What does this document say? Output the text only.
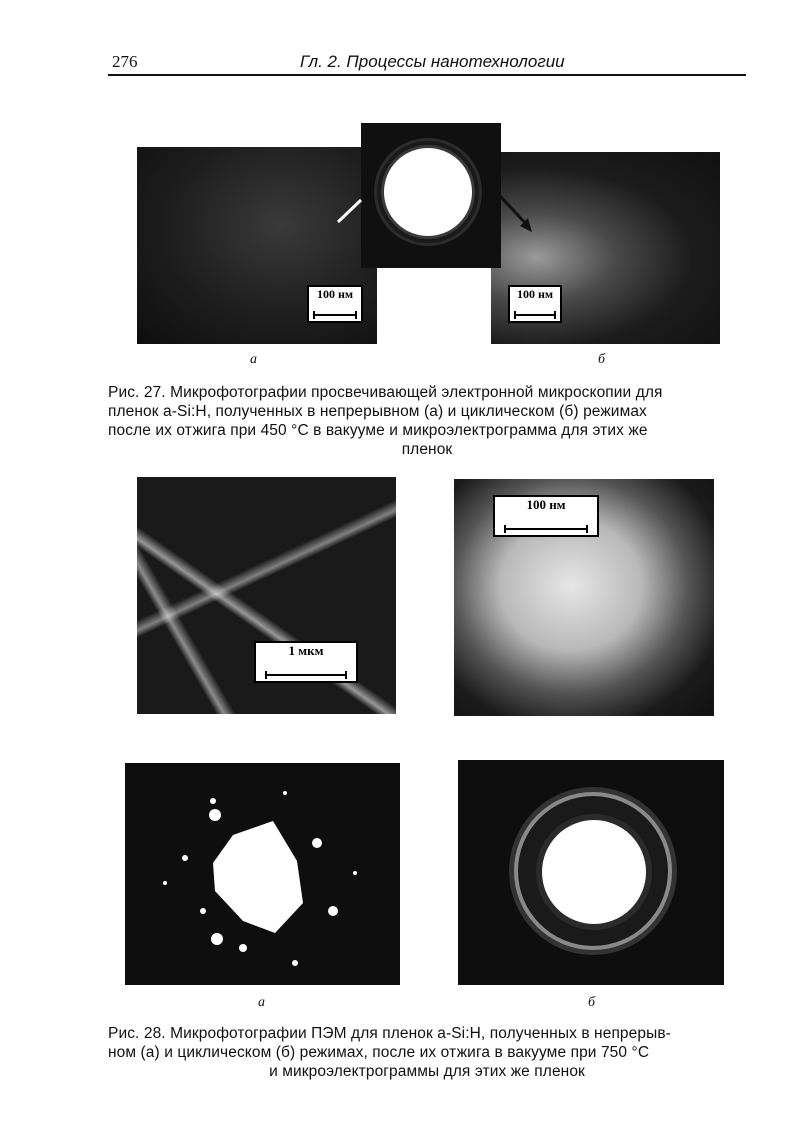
276	Гл. 2. Процессы нанотехнологии
100 нм	100 нм
а	б
Рис. 27. Микрофотографии просвечивающей электронной микроскопии для
пленок a-Si:H, полученных в непрерывном (а) и циклическом (б) режимах
после их отжига при 450 °С в вакууме и микроэлектрограмма для этих же
пленок
1 мкм
100 нм
а	б
Рис. 28. Микрофотографии ПЭМ для пленок a-Si:H, полученных в непрерыв-
ном (а) и циклическом (б) режимах, после их отжига в вакууме при 750 °С
и микроэлектрограммы для этих же пленок
